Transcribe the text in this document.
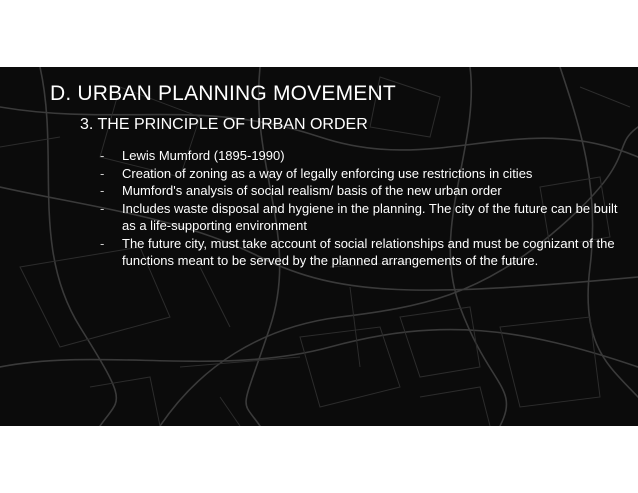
D. URBAN PLANNING MOVEMENT
3. THE PRINCIPLE OF URBAN ORDER
- Lewis Mumford (1895-1990)
- Creation of zoning as a way of legally enforcing use restrictions in cities
- Mumford's analysis of social realism/ basis of the new urban order
- Includes waste disposal and hygiene in the planning. The city of the future can be built as a life-supporting environment
- The future city, must take account of social relationships and must be cognizant of the functions meant to be served by the planned arrangements of the future.
